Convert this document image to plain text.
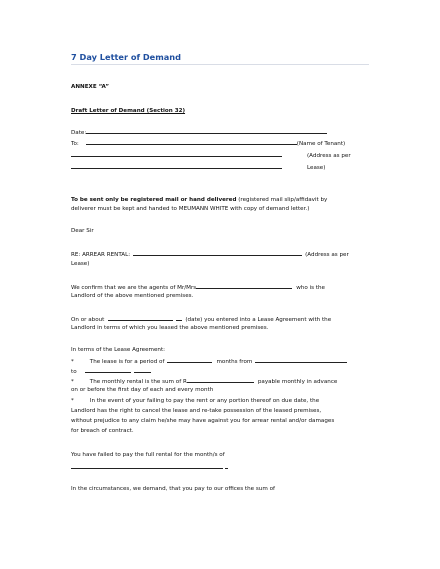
7 Day Letter of Demand
ANNEXE “A”
Draft Letter of Demand (Section 32)
Date:
To:	(Name of Tenant)
(Address as per
Lease)
To be sent only be registered mail or hand delivered (registered mail slip/affidavit by
deliverer must be kept and handed to MEUMANN WHITE with copy of demand letter.)
Dear Sir
RE: ARREAR RENTAL:	(Address as per
Lease)
We confirm that we are the agents of Mr/Mrs	who is the
Landlord of the above mentioned premises.
On or about	(date) you entered into a Lease Agreement with the
Landlord in terms of which you leased the above mentioned premises.
In terms of the Lease Agreement:
*	The lease is for a period of	months from
to
*	The monthly rental is the sum of R	payable monthly in advance
on or before the first day of each and every month
*	In the event of your failing to pay the rent or any portion thereof on due date, the
Landlord has the right to cancel the lease and re-take possession of the leased premises,
without prejudice to any claim he/she may have against you for arrear rental and/or damages
for breach of contract.
You have failed to pay the full rental for the month/s of
In the circumstances, we demand, that you pay to our offices the sum of
